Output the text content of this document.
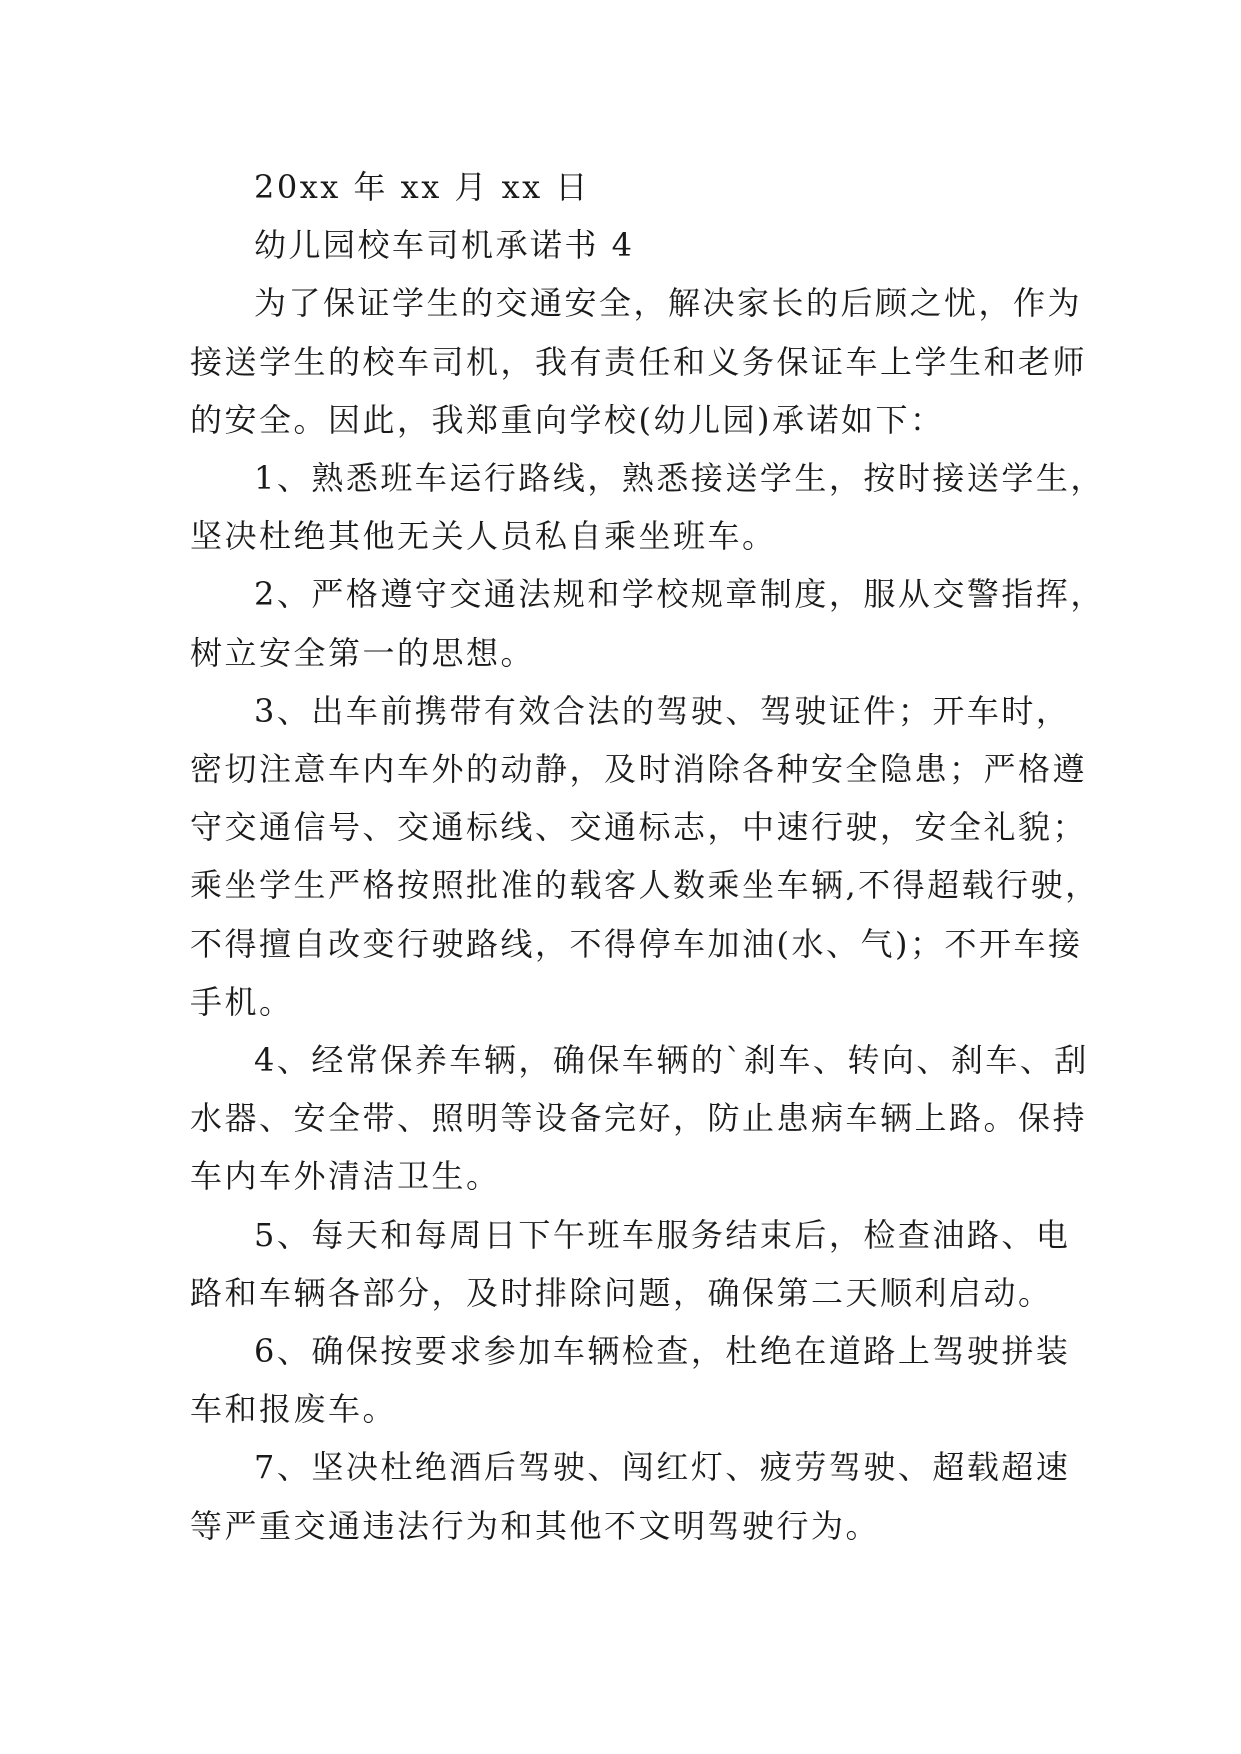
20xx 年 xx 月 xx 日

幼儿园校车司机承诺书 4

为了保证学生的交通安全，解决家长的后顾之忧，作为
接送学生的校车司机，我有责任和义务保证车上学生和老师
的安全。因此，我郑重向学校(幼儿园)承诺如下：

1、熟悉班车运行路线，熟悉接送学生，按时接送学生，
坚决杜绝其他无关人员私自乘坐班车。

2、严格遵守交通法规和学校规章制度，服从交警指挥，
树立安全第一的思想。

3、出车前携带有效合法的驾驶、驾驶证件；开车时，
密切注意车内车外的动静，及时消除各种安全隐患；严格遵
守交通信号、交通标线、交通标志，中速行驶，安全礼貌；
乘坐学生严格按照批准的载客人数乘坐车辆,不得超载行驶，
不得擅自改变行驶路线，不得停车加油(水、气)；不开车接
手机。

4、经常保养车辆，确保车辆的`刹车、转向、刹车、刮
水器、安全带、照明等设备完好，防止患病车辆上路。保持
车内车外清洁卫生。

5、每天和每周日下午班车服务结束后，检查油路、电
路和车辆各部分，及时排除问题，确保第二天顺利启动。

6、确保按要求参加车辆检查，杜绝在道路上驾驶拼装
车和报废车。

7、坚决杜绝酒后驾驶、闯红灯、疲劳驾驶、超载超速
等严重交通违法行为和其他不文明驾驶行为。
